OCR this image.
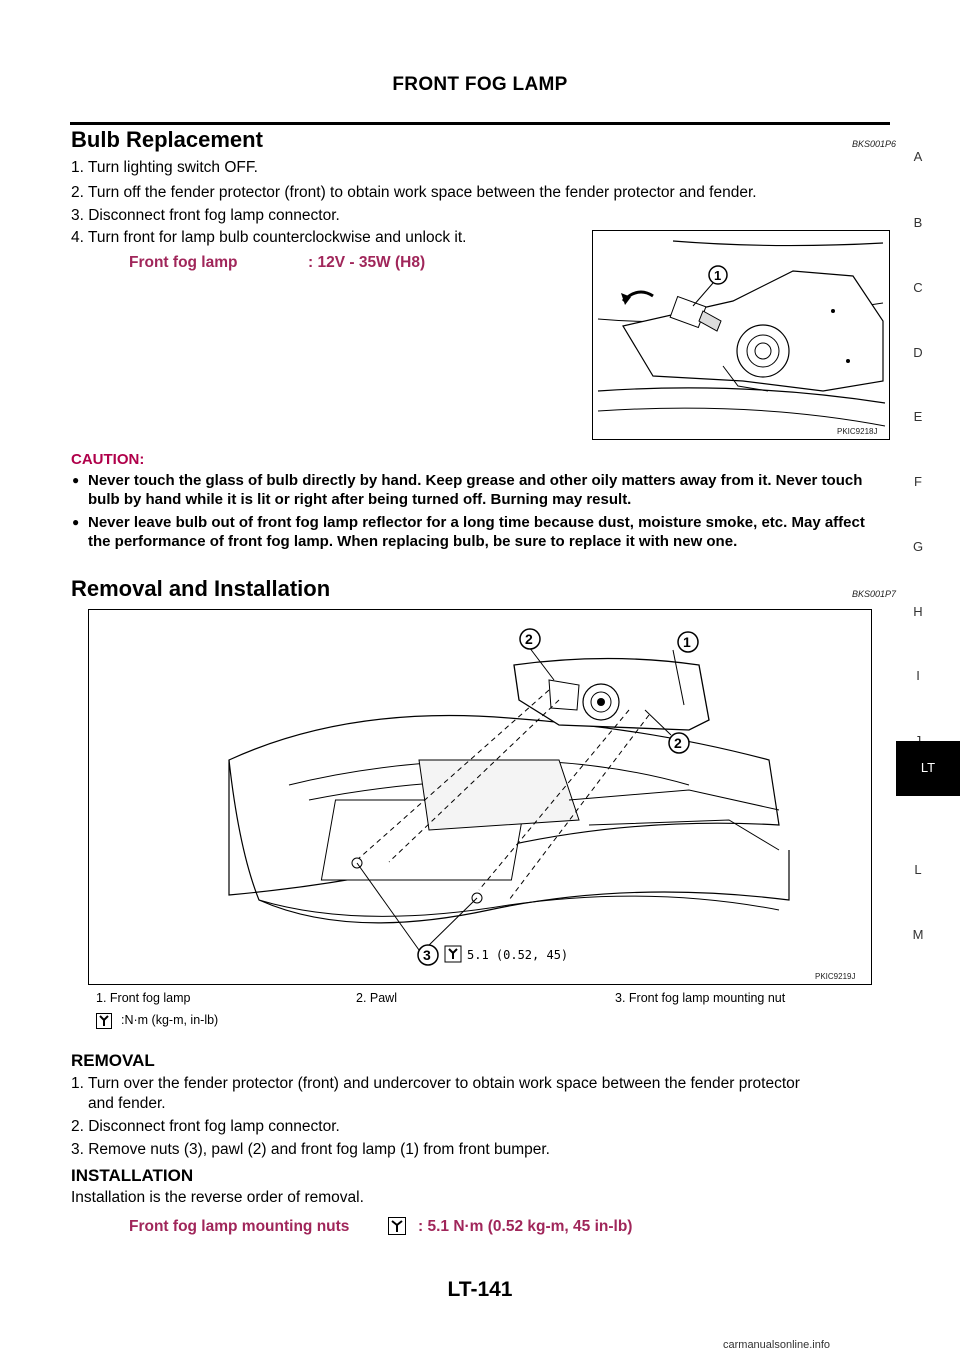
FRONT FOG LAMP
Bulb Replacement	BKS001P6
1. Turn lighting switch OFF.
2. Turn off the fender protector (front) to obtain work space between the fender protector and fender.
3. Disconnect front fog lamp connector.
4. Turn front for lamp bulb counterclockwise and unlock it.
Front fog lamp	: 12V - 35W (H8)
1
PKIC9218J
CAUTION:
● Never touch the glass of bulb directly by hand. Keep grease and other oily matters away from it. Never touch bulb by hand while it is lit or right after being turned off. Burning may result.
● Never leave bulb out of front fog lamp reflector for a long time because dust, moisture smoke, etc. May affect the performance of front fog lamp. When replacing bulb, be sure to replace it with new one.
Removal and Installation	BKS001P7
2	1
2
3	5.1 (0.52, 45)
PKIC9219J
1. Front fog lamp	2. Pawl	3. Front fog lamp mounting nut
:N·m (kg-m, in-lb)
REMOVAL
1. Turn over the fender protector (front) and undercover to obtain work space between the fender protector
and fender.
2. Disconnect front fog lamp connector.
3. Remove nuts (3), pawl (2) and front fog lamp (1) from front bumper.
INSTALLATION
Installation is the reverse order of removal.
Front fog lamp mounting nuts	: 5.1 N·m (0.52 kg-m, 45 in-lb)
A
B
C
D
E
F
G
H
I
LT
L
M
LT-141
carmanualsonline.info
